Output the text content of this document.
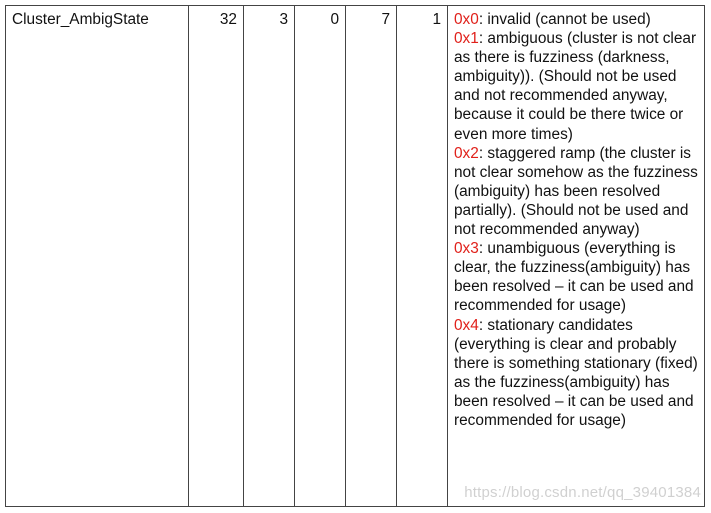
Cluster_AmbigState	32	3	0	7	1	0x0: invalid (cannot be used)
0x1: ambiguous (cluster is not clear as there is fuzziness (darkness, ambiguity)). (Should not be used and not recommended anyway, because it could be there twice or even more times)
0x2: staggered ramp (the cluster is not clear somehow as the fuzziness (ambiguity) has been resolved partially). (Should not be used and not recommended anyway)
0x3: unambiguous (everything is clear, the fuzziness(ambiguity) has been resolved – it can be used and recommended for usage)
0x4: stationary candidates (everything is clear and probably there is something stationary (fixed) as the fuzziness(ambiguity) has been resolved – it can be used and recommended for usage)
https://blog.csdn.net/qq_39401384
